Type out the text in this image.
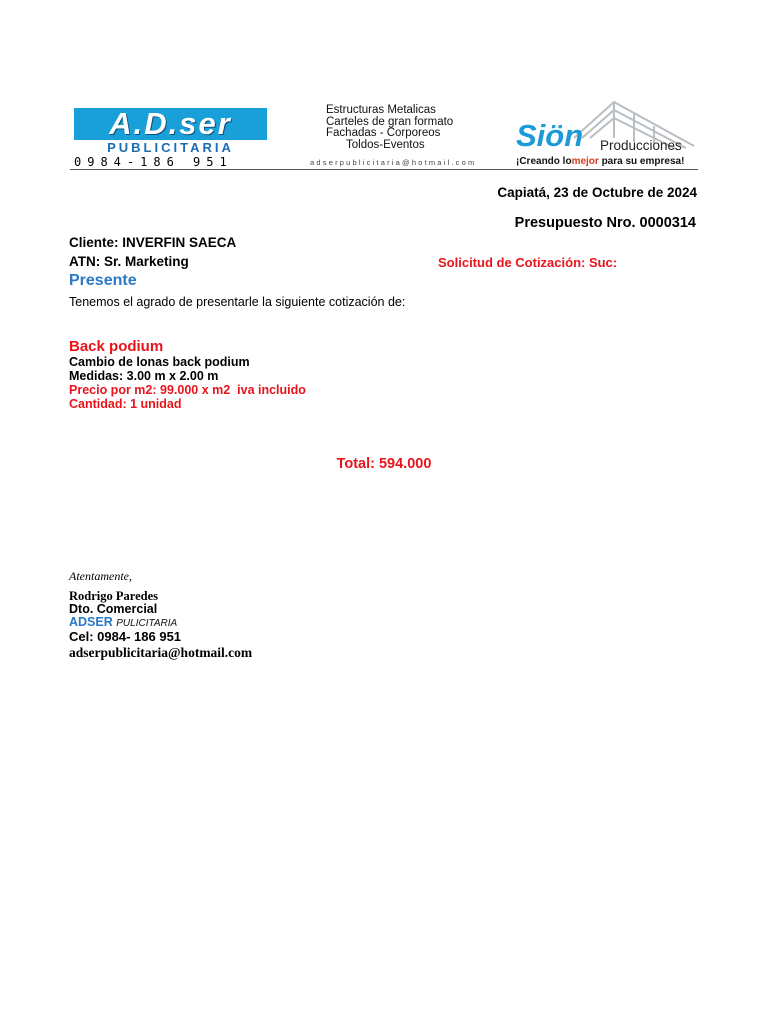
A.D.ser
PUBLICITARIA
0984-186 951
Estructuras Metalicas
Carteles de gran formato
Fachadas - Corporeos
Toldos-Eventos
adserpublicitaria@hotmail.com
Siön Producciones
¡Creando lomejor para su empresa!
Capiatá, 23 de Octubre de 2024
Presupuesto Nro. 0000314
Cliente: INVERFIN SAECA
ATN: Sr. Marketing	Solicitud de Cotización: Suc:
Presente
Tenemos el agrado de presentarle la siguiente cotización de:
Back podium
Cambio de lonas back podium
Medidas: 3.00 m x 2.00 m
Precio por m2: 99.000 x m2  iva incluido
Cantidad: 1 unidad
Total: 594.000
Atentamente,
Rodrigo Paredes
Dto. Comercial
ADSER PULICITARIA
Cel: 0984- 186 951
adserpublicitaria@hotmail.com
